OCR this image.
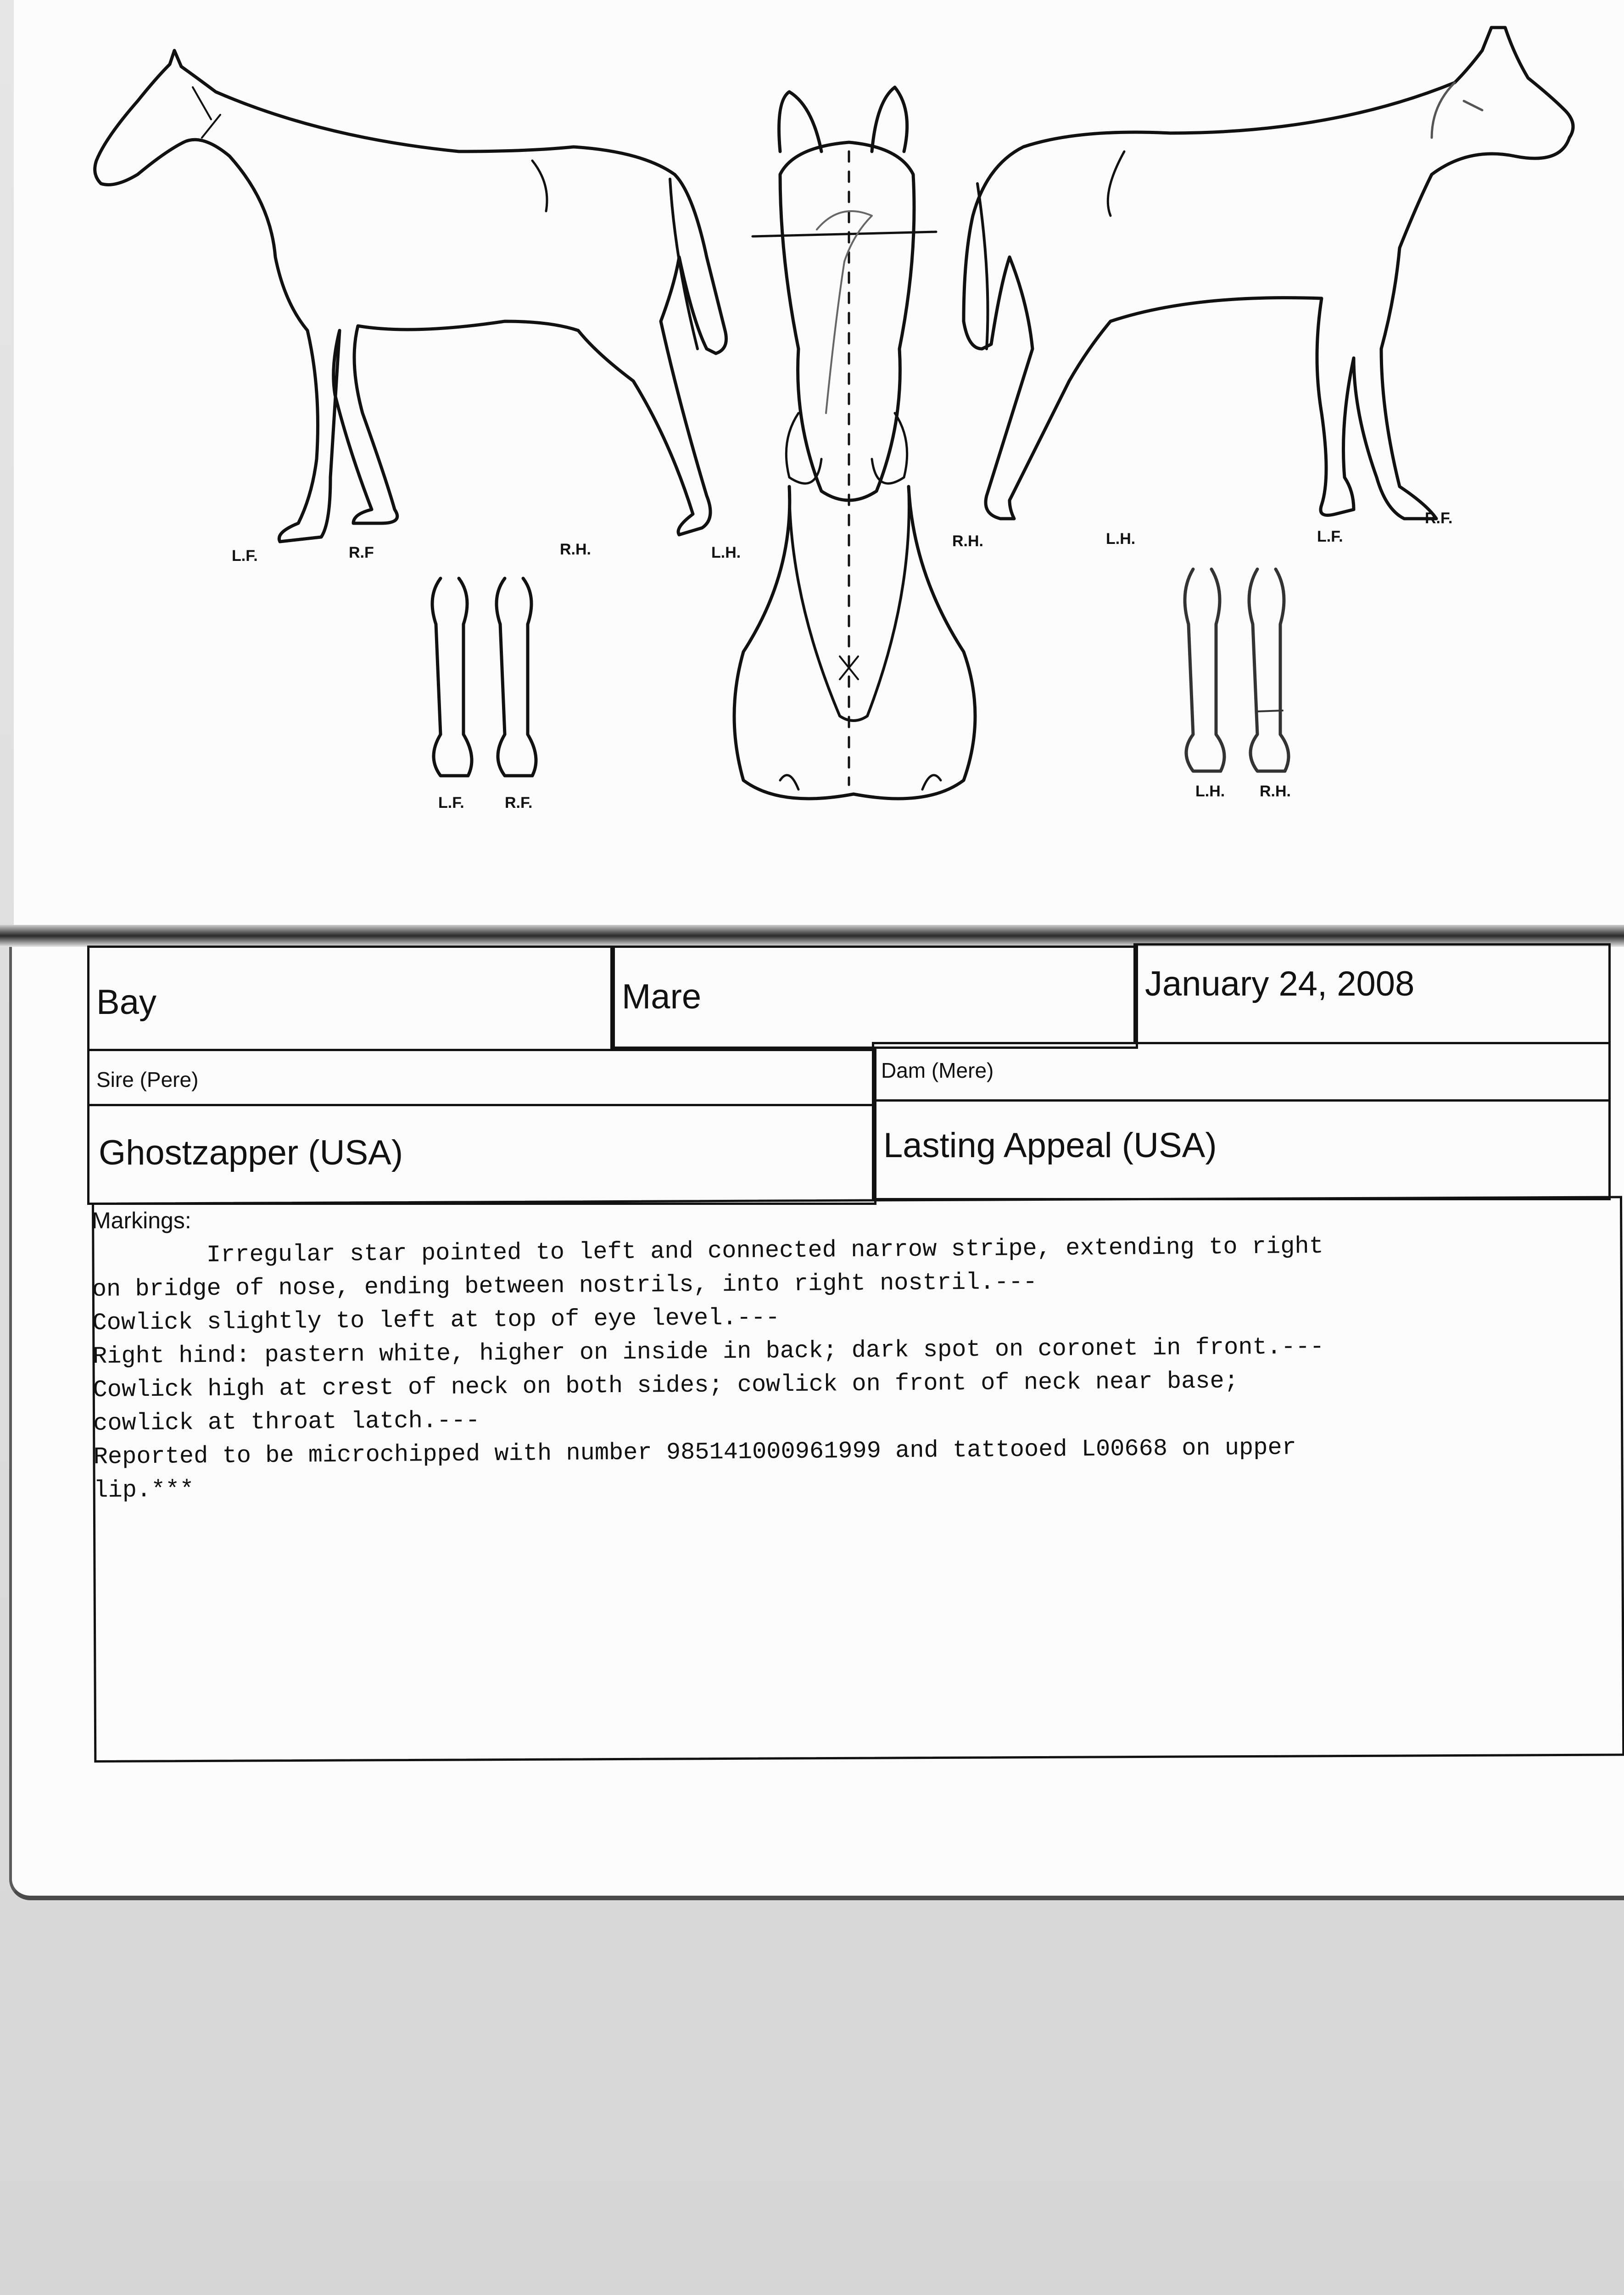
L.F.	R.F	R.H.	L.H.
L.F.	R.F.
R.H.	L.H.	L.F.
R.F.
L.H. R.H.
Bay	Mare	January 24, 2008
Sire (Pere)	Dam (Mere)
Ghostzapper (USA)	Lasting Appeal (USA)
Markings:
Irregular star pointed to left and connected narrow stripe, extending to right
on bridge of nose, ending between nostrils, into right nostril.---
Cowlick slightly to left at top of eye level.---
Right hind: pastern white, higher on inside in back; dark spot on coronet in front.---
Cowlick high at crest of neck on both sides; cowlick on front of neck near base;
cowlick at throat latch.---
Reported to be microchipped with number 985141000961999 and tattooed L00668 on upper
lip.***
